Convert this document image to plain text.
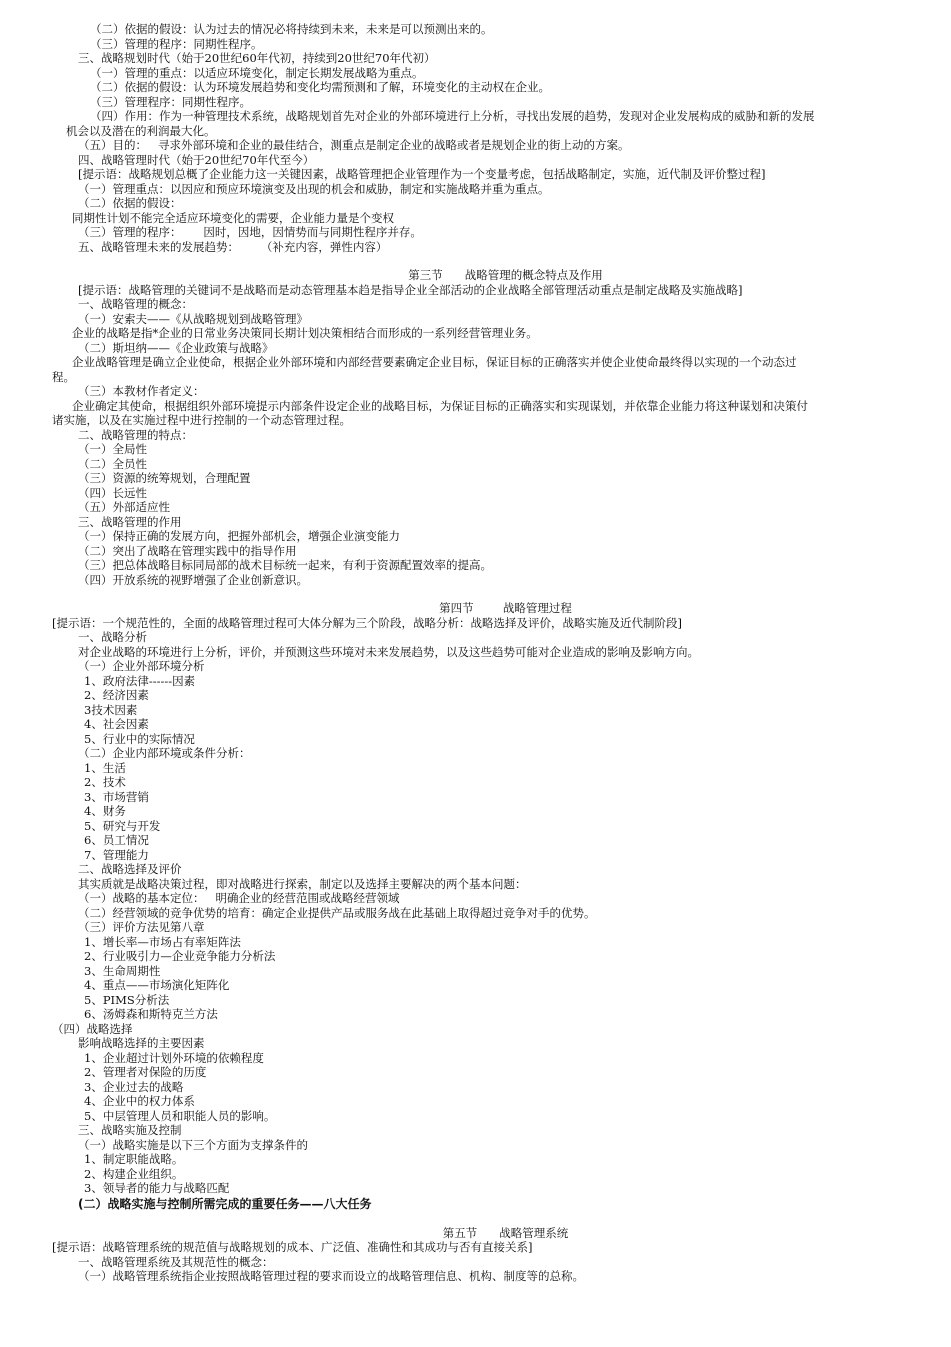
（二）依据的假设：认为过去的情况必将持续到未来，未来是可以预测出来的。
（三）管理的程序：同期性程序。
三、战略规划时代（始于20世纪60年代初，持续到20世纪70年代初）
（一）管理的重点：以适应环境变化，制定长期发展战略为重点。
（二）依据的假设：认为环境发展趋势和变化均需预测和了解，环境变化的主动权在企业。
（三）管理程序：同期性程序。
（四）作用：作为一种管理技术系统，战略规划首先对企业的外部环境进行上分析，寻找出发展的趋势，发现对企业发展构成的威胁和新的发展
机会以及潜在的利润最大化。
（五）目的：   寻求外部环境和企业的最佳结合，测重点是制定企业的战略或者是规划企业的街上动的方案。
四、战略管理时代（始于20世纪70年代至今）
[提示语：战略规划总概了企业能力这一关键因素，战略管理把企业管理作为一个变量考虑，包括战略制定，实施，近代制及评价整过程]
（一）管理重点：以因应和预应环境演变及出现的机会和威胁，制定和实施战略并重为重点。
（二）依据的假设：
同期性计划不能完全适应环境变化的需要，企业能力量是个变权
（三）管理的程序：      因时，因地，因情势而与同期性程序并存。
五、战略管理未来的发展趋势：      （补充内容，弹性内容）
第三节      战略管理的概念特点及作用
[提示语：战略管理的关键词不是战略而是动态管理基本趋是指导企业全部活动的企业战略全部管理活动重点是制定战略及实施战略]
一、战略管理的概念：
（一）安索夫——《从战略规划到战略管理》
企业的战略是指*企业的日常业务决策同长期计划决策相结合而形成的一系列经营管理业务。
（二）斯坦纳——《企业政策与战略》
企业战略管理是确立企业使命，根据企业外部环境和内部经营要素确定企业目标，保证目标的正确落实并使企业使命最终得以实现的一个动态过
程。
（三）本教材作者定义：
企业确定其使命，根据组织外部环境提示内部条件设定企业的战略目标，为保证目标的正确落实和实现谋划，并依靠企业能力将这种谋划和决策付
诸实施，以及在实施过程中进行控制的一个动态管理过程。
二、战略管理的特点：
（一）全局性
（二）全员性
（三）资源的统筹规划，合理配置
（四）长远性
（五）外部适应性
三、战略管理的作用
（一）保持正确的发展方向，把握外部机会，增强企业演变能力
（二）突出了战略在管理实践中的指导作用
（三）把总体战略目标同局部的战术目标统一起来，有利于资源配置效率的提高。
（四）开放系统的视野增强了企业创新意识。
第四节        战略管理过程
[提示语：一个规范性的，全面的战略管理过程可大体分解为三个阶段，战略分析：战略选择及评价，战略实施及近代制阶段]
一、战略分析
对企业战略的环境进行上分析，评价，并预测这些环境对未来发展趋势，以及这些趋势可能对企业造成的影响及影响方向。
（一）企业外部环境分析
1、政府法律------因素
2、经济因素
3技术因素
4、社会因素
5、行业中的实际情况
（二）企业内部环境或条件分析：
1、生活
2、技术
3、市场营销
4、财务
5、研究与开发
6、员工情况
7、管理能力
二、战略选择及评价
其实质就是战略决策过程，即对战略进行探索，制定以及选择主要解决的两个基本问题：
（一）战略的基本定位：   明确企业的经营范围或战略经营领域
（二）经营领域的竞争优势的培育：确定企业提供产品或服务战在此基础上取得超过竞争对手的优势。
（三）评价方法见第八章
1、增长率—市场占有率矩阵法
2、行业吸引力—企业竞争能力分析法
3、生命周期性
4、重点——市场演化矩阵化
5、PIMS分析法
6、汤姆森和斯特克兰方法
（四）战略选择
影响战略选择的主要因素
1、企业超过计划外环境的依赖程度
2、管理者对保险的历度
3、企业过去的战略
4、企业中的权力体系
5、中层管理人员和职能人员的影响。
三、战略实施及控制
（一）战略实施是以下三个方面为支撑条件的
1、制定职能战略。
2、构建企业组织。
3、领导者的能力与战略匹配
(二）战略实施与控制所需完成的重要任务——八大任务
第五节      战略管理系统
[提示语：战略管理系统的规范值与战略规划的成本、广泛值、准确性和其成功与否有直接关系]
一、战略管理系统及其规范性的概念：
（一）战略管理系统指企业按照战略管理过程的要求而设立的战略管理信息、机构、制度等的总称。
